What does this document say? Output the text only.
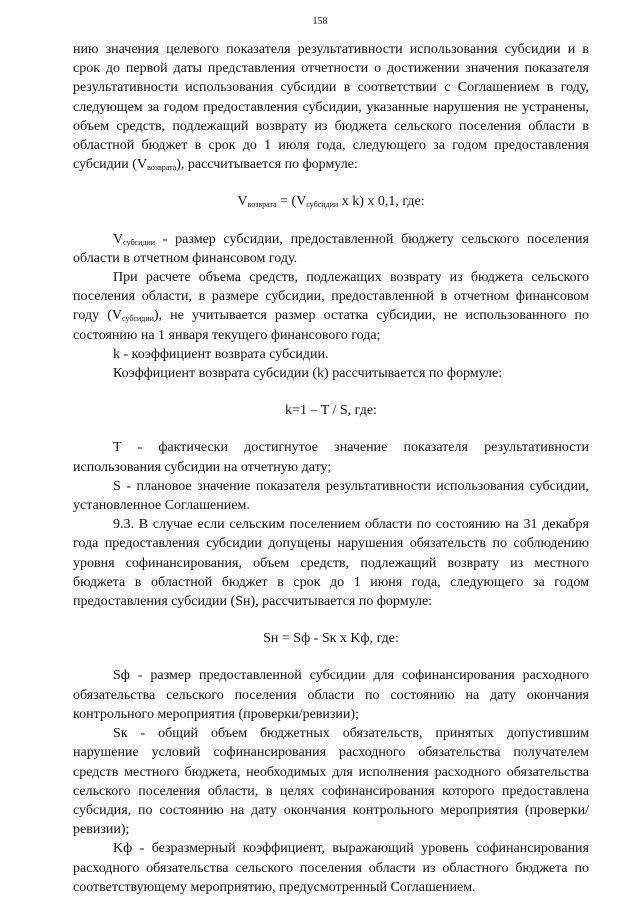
158

нию значения целевого показателя результативности использования субсидии и в срок до первой даты представления отчетности о достижении значения показателя результативности использования субсидии в соответствии с Соглашением в году, следующем за годом предоставления субсидии, указанные нарушения не устранены, объем средств, подлежащий возврату из бюджета сельского поселения области в областной бюджет в срок до 1 июля года, следующего за годом предоставления субсидии $(V_{возврата})$, рассчитывается по формуле:

$V_{возврата} = (V_{субсидии}$ x k) x 0,1, где:

$V_{субсидии}$ - размер субсидии, предоставленной бюджету сельского поселения области в отчетном финансовом году.

При расчете объема средств, подлежащих возврату из бюджета сельского поселения области, в размере субсидии, предоставленной в отчетном финансовом году $(V_{субсидии})$, не учитывается размер остатка субсидии, не использованного по состоянию на 1 января текущего финансового года;

k - коэффициент возврата субсидии.

Коэффициент возврата субсидии (k) рассчитывается по формуле:

k=1 – T / S, где:

T - фактически достигнутое значение показателя результативности использования субсидии на отчетную дату;

S - плановое значение показателя результативности использования субсидии, установленное Соглашением.

9.3. В случае если сельским поселением области по состоянию на 31 декабря года предоставления субсидии допущены нарушения обязательств по соблюдению уровня софинансирования, объем средств, подлежащий возврату из местного бюджета в областной бюджет в срок до 1 июня года, следующего за годом предоставления субсидии (Sн), рассчитывается по формуле:

Sн = Sф - Sк x Kф, где:

Sф - размер предоставленной субсидии для софинансирования расходного обязательства сельского поселения области по состоянию на дату окончания контрольного мероприятия (проверки/ревизии);

Sк - общий объем бюджетных обязательств, принятых допустившим нарушение условий софинансирования расходного обязательства получателем средств местного бюджета, необходимых для исполнения расходного обязательства сельского поселения области, в целях софинансирования которого предоставлена субсидия, по состоянию на дату окончания контрольного мероприятия (проверки/ревизии);

Kф - безразмерный коэффициент, выражающий уровень софинансирования расходного обязательства сельского поселения области из областного бюджета по соответствующему мероприятию, предусмотренный Соглашением.
